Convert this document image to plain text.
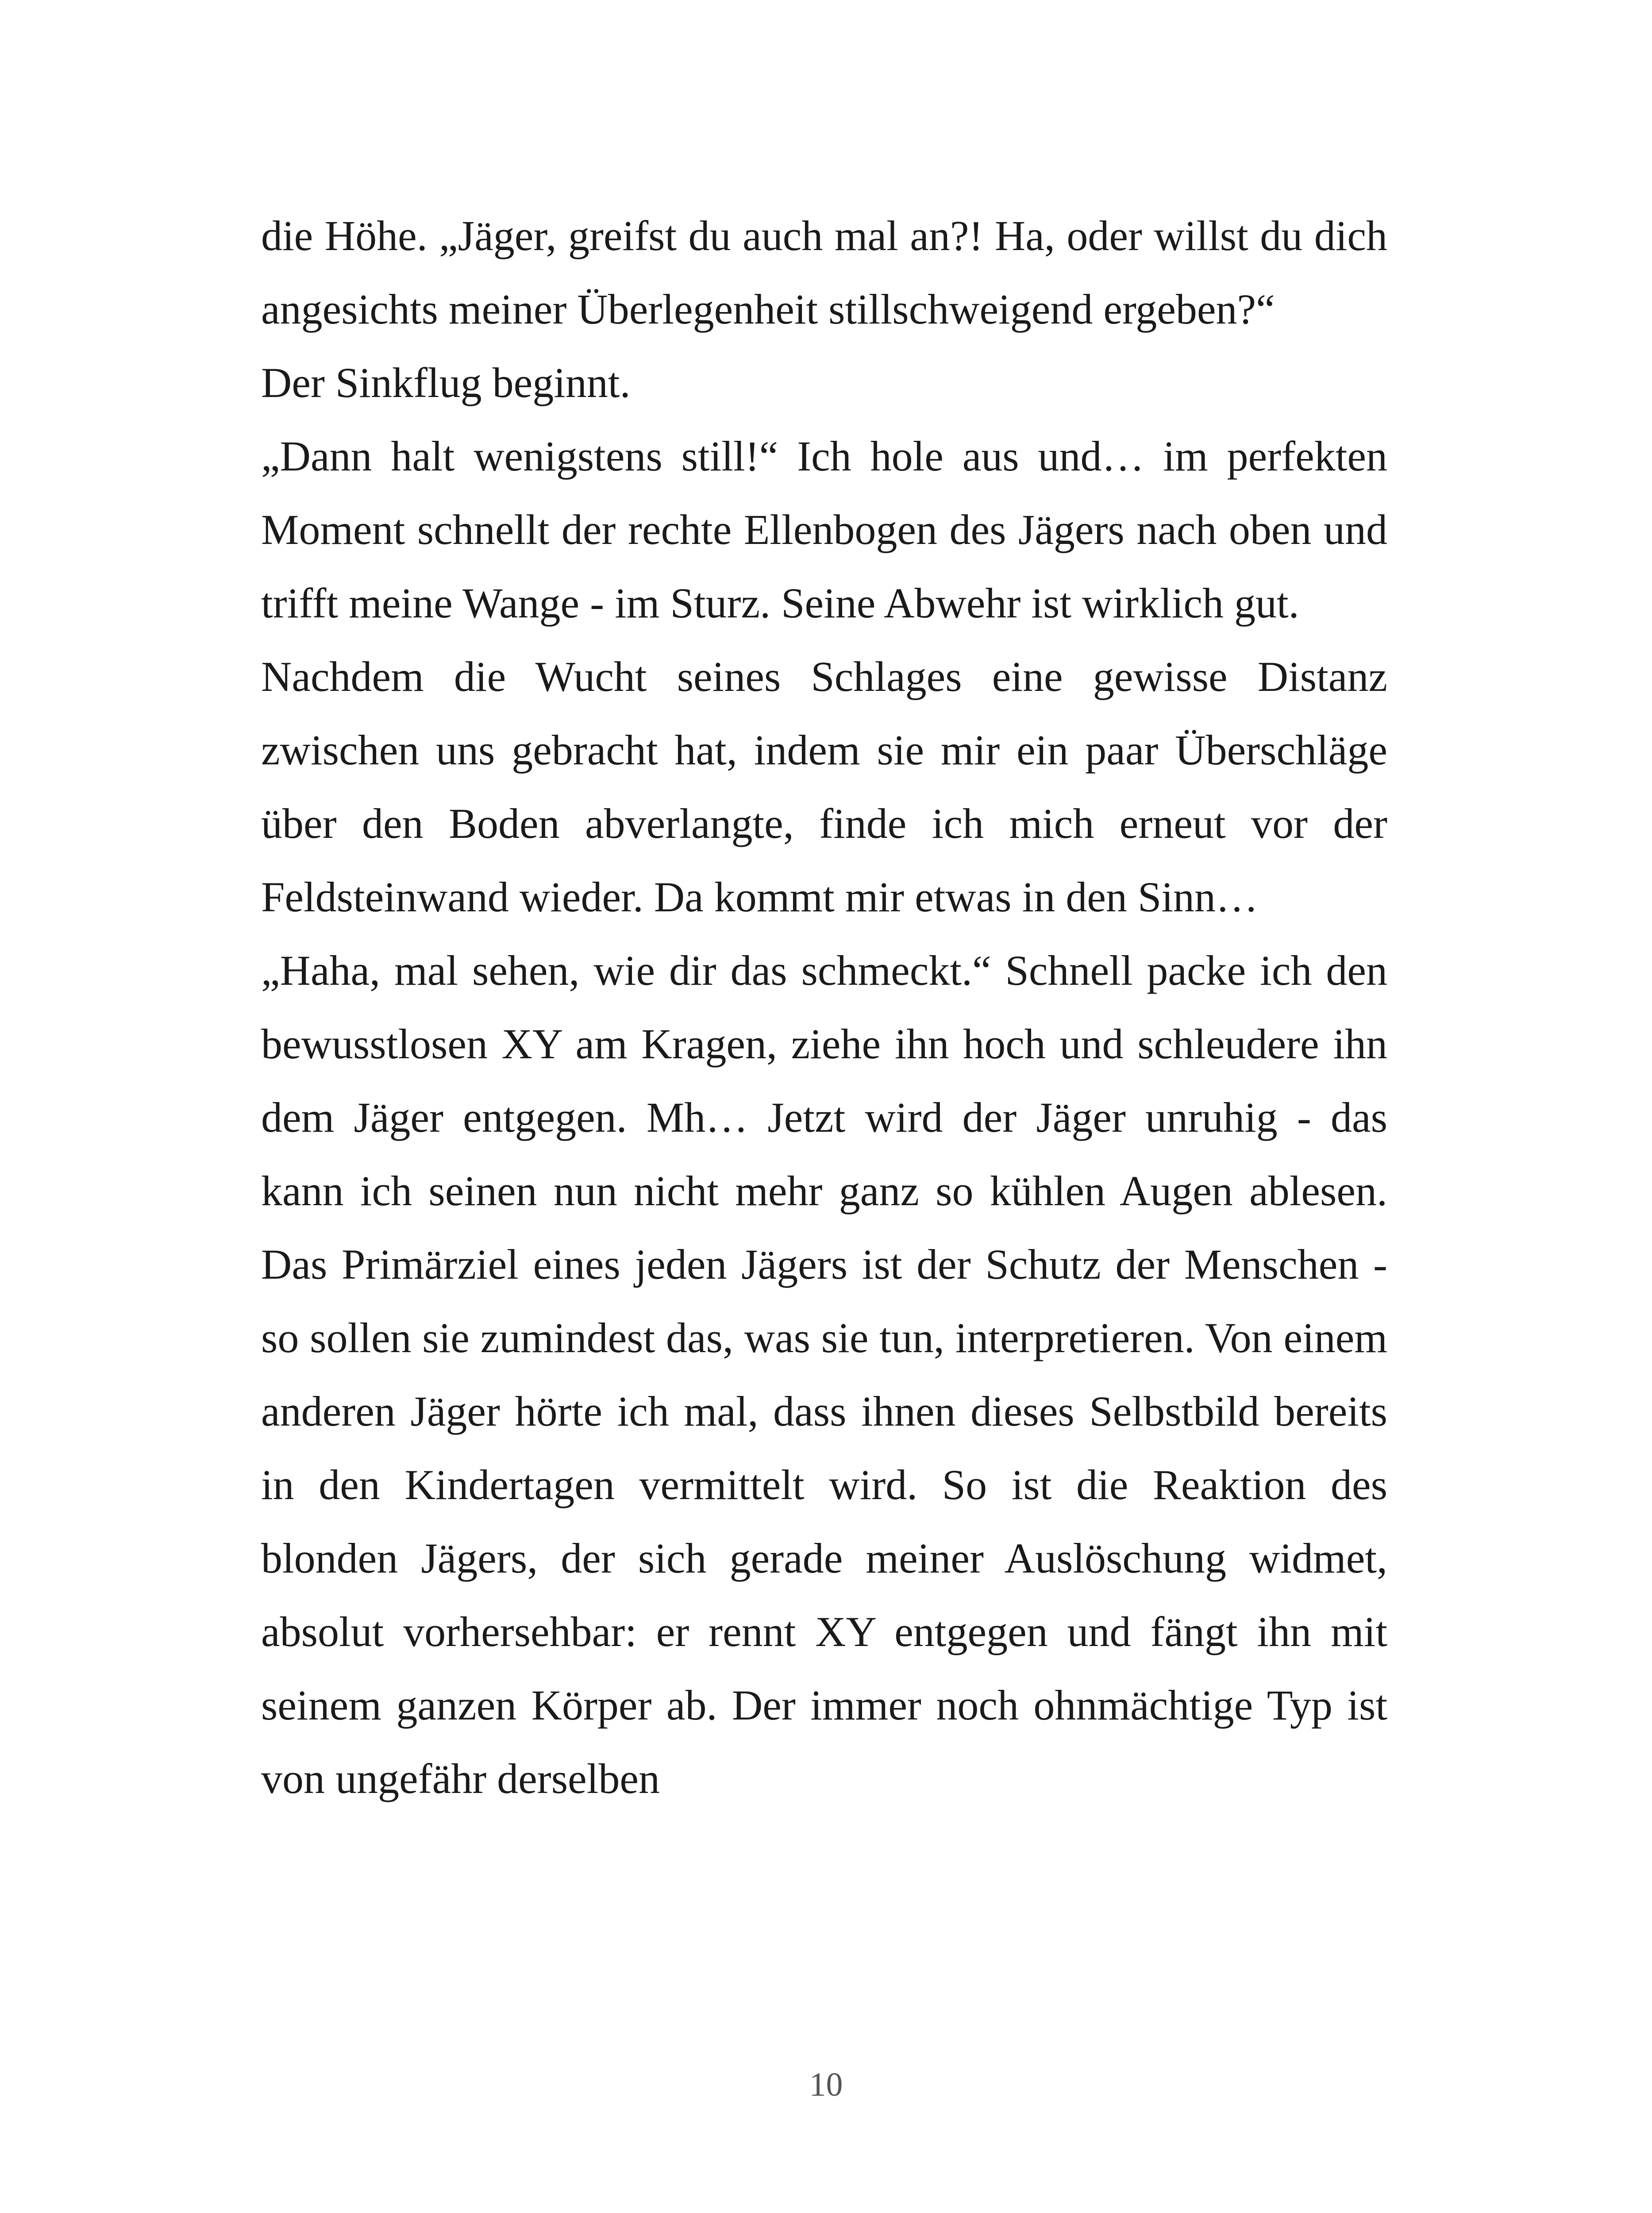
die Höhe. „Jäger, greifst du auch mal an?! Ha, oder willst du dich angesichts meiner Überlegenheit stillschweigend ergeben?“

Der Sinkflug beginnt.

„Dann halt wenigstens still!“ Ich hole aus und… im perfekten Moment schnellt der rechte Ellenbogen des Jägers nach oben und trifft meine Wange - im Sturz. Seine Abwehr ist wirklich gut.

Nachdem die Wucht seines Schlages eine gewisse Distanz zwischen uns gebracht hat, indem sie mir ein paar Überschläge über den Boden abverlangte, finde ich mich erneut vor der Feldsteinwand wieder. Da kommt mir etwas in den Sinn…

„Haha, mal sehen, wie dir das schmeckt.“ Schnell packe ich den bewusstlosen XY am Kragen, ziehe ihn hoch und schleudere ihn dem Jäger entgegen. Mh… Jetzt wird der Jäger unruhig - das kann ich seinen nun nicht mehr ganz so kühlen Augen ablesen. Das Primärziel eines jeden Jägers ist der Schutz der Menschen - so sollen sie zumindest das, was sie tun, interpretieren. Von einem anderen Jäger hörte ich mal, dass ihnen dieses Selbstbild bereits in den Kindertagen vermittelt wird. So ist die Reaktion des blonden Jägers, der sich gerade meiner Auslöschung widmet, absolut vorhersehbar: er rennt XY entgegen und fängt ihn mit seinem ganzen Körper ab. Der immer noch ohnmächtige Typ ist von ungefähr derselben

10
